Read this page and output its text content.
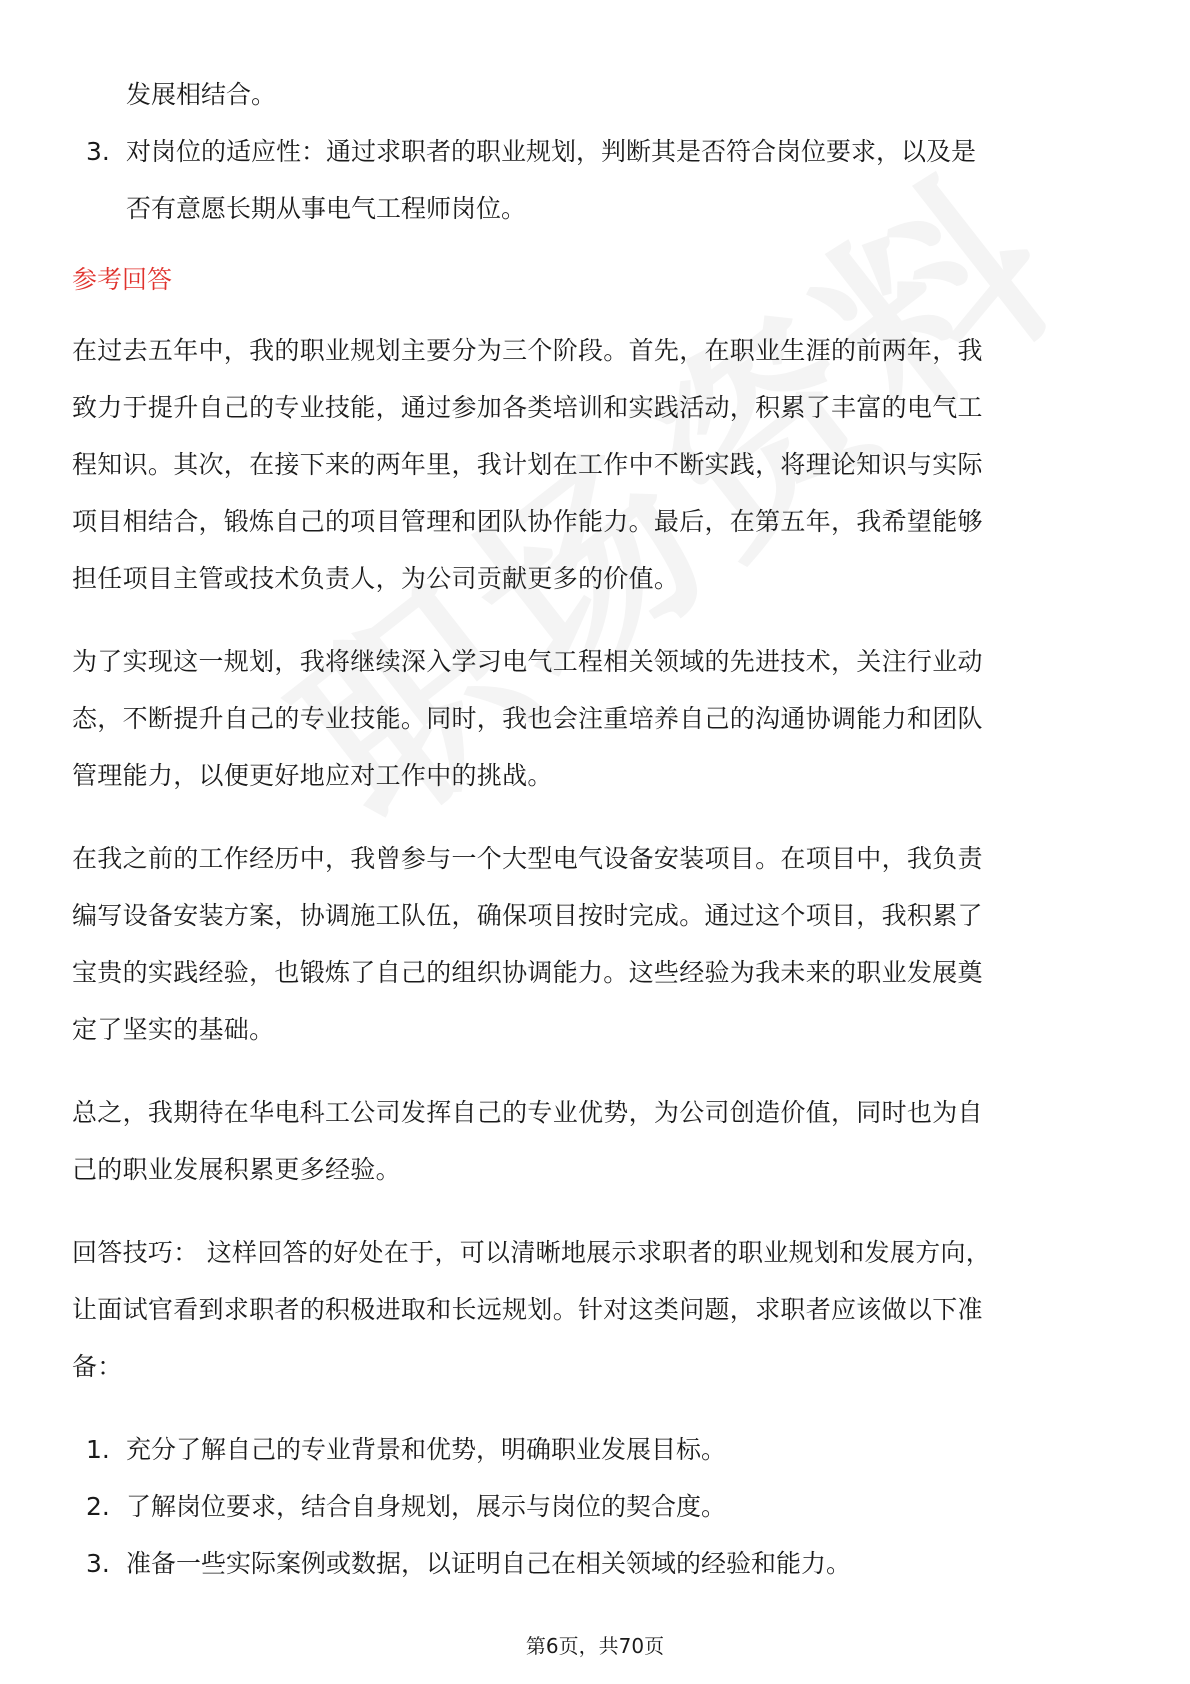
发展相结合。

3. 对岗位的适应性：通过求职者的职业规划，判断其是否符合岗位要求，以及是

否有意愿长期从事电气工程师岗位。

参考回答

在过去五年中，我的职业规划主要分为三个阶段。首先，在职业生涯的前两年，我

致力于提升自己的专业技能，通过参加各类培训和实践活动，积累了丰富的电气工

程知识。其次，在接下来的两年里，我计划在工作中不断实践，将理论知识与实际

项目相结合，锻炼自己的项目管理和团队协作能力。最后，在第五年，我希望能够

担任项目主管或技术负责人，为公司贡献更多的价值。

为了实现这一规划，我将继续深入学习电气工程相关领域的先进技术，关注行业动

态，不断提升自己的专业技能。同时，我也会注重培养自己的沟通协调能力和团队

管理能力，以便更好地应对工作中的挑战。

在我之前的工作经历中，我曾参与一个大型电气设备安装项目。在项目中，我负责

编写设备安装方案，协调施工队伍，确保项目按时完成。通过这个项目，我积累了

宝贵的实践经验，也锻炼了自己的组织协调能力。这些经验为我未来的职业发展奠

定了坚实的基础。

总之，我期待在华电科工公司发挥自己的专业优势，为公司创造价值，同时也为自

己的职业发展积累更多经验。

回答技巧： 这样回答的好处在于，可以清晰地展示求职者的职业规划和发展方向，

让面试官看到求职者的积极进取和长远规划。针对这类问题，求职者应该做以下准

备：

1. 充分了解自己的专业背景和优势，明确职业发展目标。

2. 了解岗位要求，结合自身规划，展示与岗位的契合度。

3. 准备一些实际案例或数据，以证明自己在相关领域的经验和能力。

第6页，共70页
